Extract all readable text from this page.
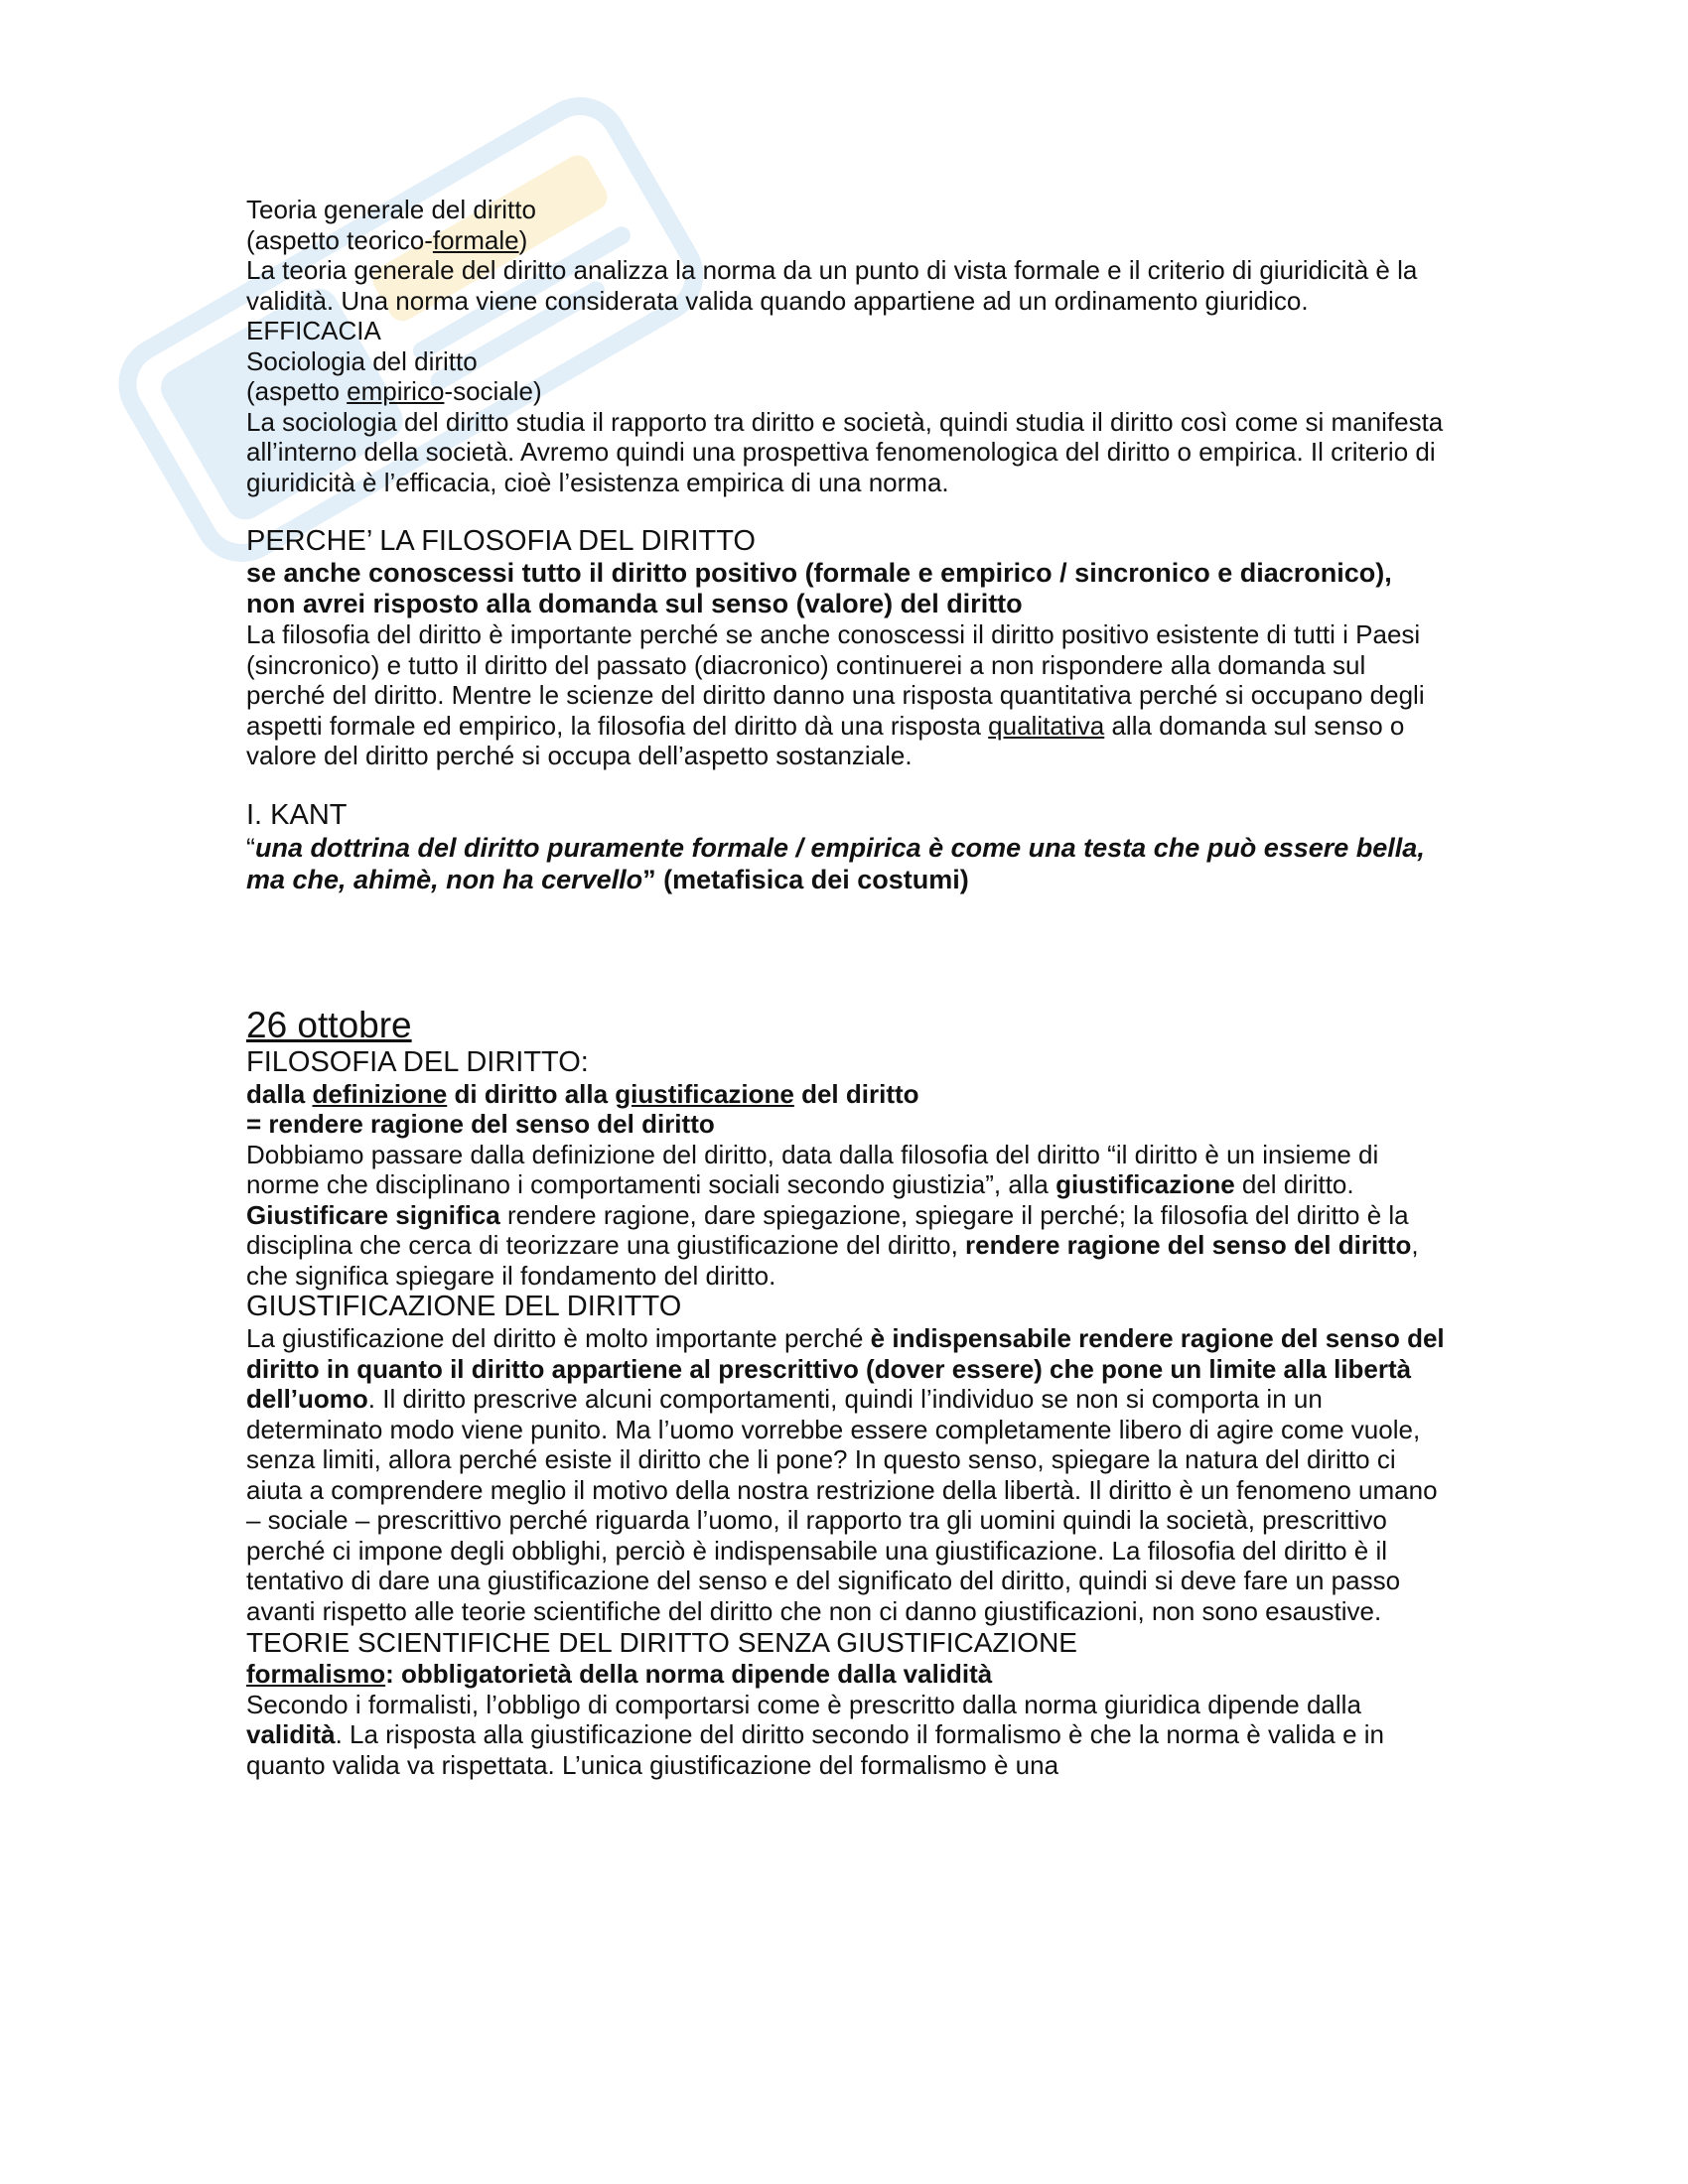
Teoria generale del diritto

(aspetto teorico-formale)

La teoria generale del diritto analizza la norma da un punto di vista formale e il criterio di giuridicità è la validità. Una norma viene considerata valida quando appartiene ad un ordinamento giuridico.

EFFICACIA

Sociologia del diritto

(aspetto empirico-sociale)

La sociologia del diritto studia il rapporto tra diritto e società, quindi studia il diritto così come si manifesta all’interno della società. Avremo quindi una prospettiva fenomenologica del diritto o empirica. Il criterio di giuridicità è l’efficacia, cioè l’esistenza empirica di una norma.

PERCHE’ LA FILOSOFIA DEL DIRITTO

se anche conoscessi tutto il diritto positivo (formale e empirico / sincronico e diacronico), non avrei risposto alla domanda sul senso (valore) del diritto

La filosofia del diritto è importante perché se anche conoscessi il diritto positivo esistente di tutti i Paesi (sincronico) e tutto il diritto del passato (diacronico) continuerei a non rispondere alla domanda sul perché del diritto. Mentre le scienze del diritto danno una risposta quantitativa perché si occupano degli aspetti formale ed empirico, la filosofia del diritto dà una risposta qualitativa alla domanda sul senso o valore del diritto perché si occupa dell’aspetto sostanziale.

I. KANT

“una dottrina del diritto puramente formale / empirica è come una testa che può essere bella, ma che, ahimè, non ha cervello” (metafisica dei costumi)

26 ottobre

FILOSOFIA DEL DIRITTO:

dalla definizione di diritto alla giustificazione del diritto

= rendere ragione del senso del diritto

Dobbiamo passare dalla definizione del diritto, data dalla filosofia del diritto “il diritto è un insieme di norme che disciplinano i comportamenti sociali secondo giustizia”, alla giustificazione del diritto. Giustificare significa rendere ragione, dare spiegazione, spiegare il perché; la filosofia del diritto è la disciplina che cerca di teorizzare una giustificazione del diritto, rendere ragione del senso del diritto, che significa spiegare il fondamento del diritto.

GIUSTIFICAZIONE DEL DIRITTO

La giustificazione del diritto è molto importante perché è indispensabile rendere ragione del senso del diritto in quanto il diritto appartiene al prescrittivo (dover essere) che pone un limite alla libertà dell’uomo. Il diritto prescrive alcuni comportamenti, quindi l’individuo se non si comporta in un determinato modo viene punito. Ma l’uomo vorrebbe essere completamente libero di agire come vuole, senza limiti, allora perché esiste il diritto che li pone? In questo senso, spiegare la natura del diritto ci aiuta a comprendere meglio il motivo della nostra restrizione della libertà. Il diritto è un fenomeno umano – sociale – prescrittivo perché riguarda l’uomo, il rapporto tra gli uomini quindi la società, prescrittivo perché ci impone degli obblighi, perciò è indispensabile una giustificazione. La filosofia del diritto è il tentativo di dare una giustificazione del senso e del significato del diritto, quindi si deve fare un passo avanti rispetto alle teorie scientifiche del diritto che non ci danno giustificazioni, non sono esaustive.

TEORIE SCIENTIFICHE DEL DIRITTO SENZA GIUSTIFICAZIONE

formalismo: obbligatorietà della norma dipende dalla validità

Secondo i formalisti, l’obbligo di comportarsi come è prescritto dalla norma giuridica dipende dalla validità. La risposta alla giustificazione del diritto secondo il formalismo è che la norma è valida e in quanto valida va rispettata. L’unica giustificazione del formalismo è una
